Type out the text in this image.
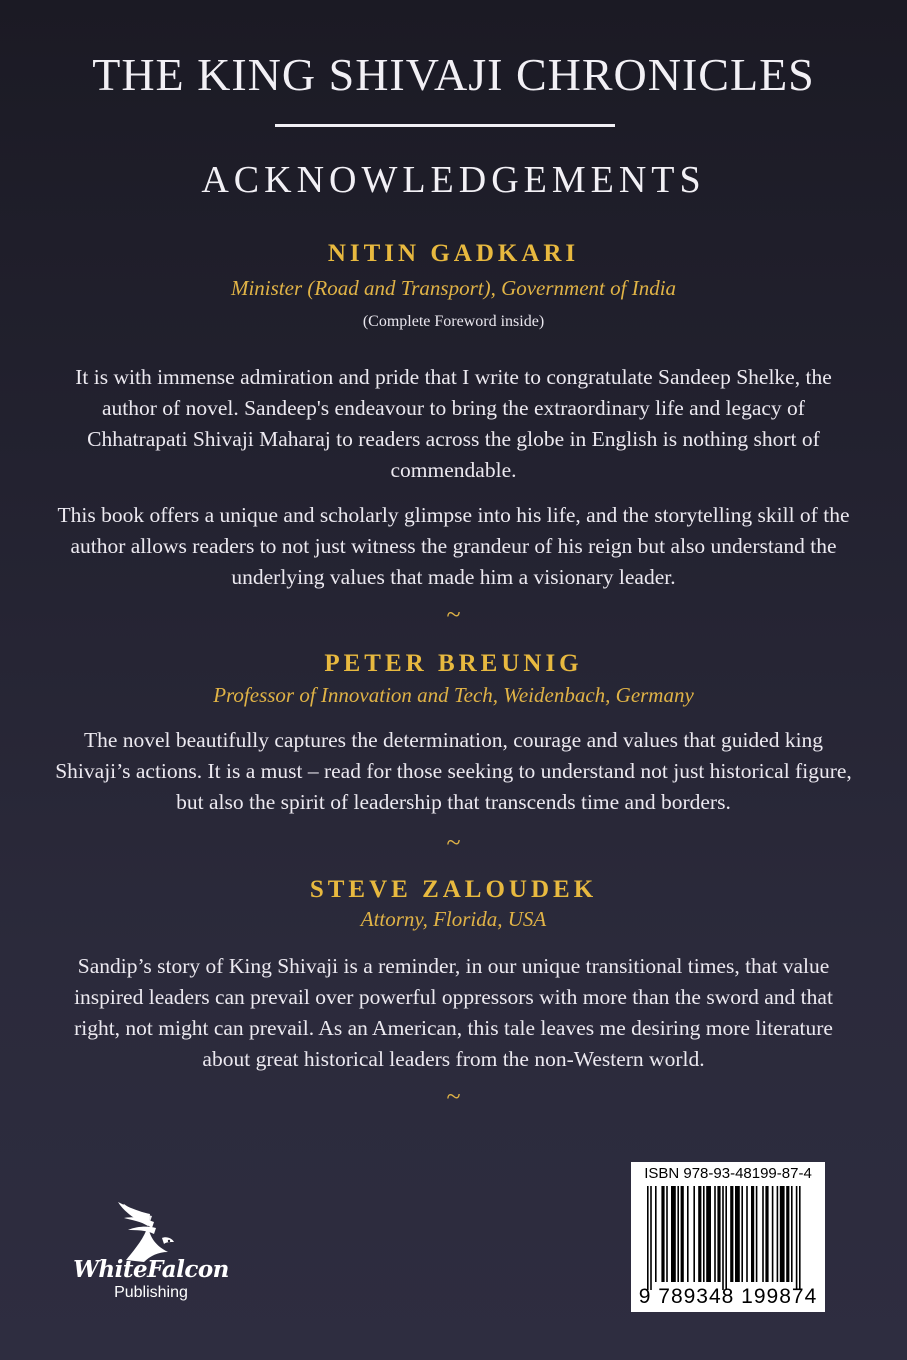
THE KING SHIVAJI CHRONICLES
ACKNOWLEDGEMENTS
NITIN GADKARI
Minister (Road and Transport), Government of India
(Complete Foreword inside)

It is with immense admiration and pride that I write to congratulate Sandeep Shelke, the author of novel. Sandeep's endeavour to bring the extraordinary life and legacy of Chhatrapati Shivaji Maharaj to readers across the globe in English is nothing short of commendable.

This book offers a unique and scholarly glimpse into his life, and the storytelling skill of the author allows readers to not just witness the grandeur of his reign but also understand the underlying values that made him a visionary leader.

~
PETER BREUNIG
Professor of Innovation and Tech, Weidenbach, Germany

The novel beautifully captures the determination, courage and values that guided king Shivaji’s actions. It is a must – read for those seeking to understand not just historical figure, but also the spirit of leadership that transcends time and borders.

~
STEVE ZALOUDEK
Attorny, Florida, USA

Sandip’s story of King Shivaji is a reminder, in our unique transitional times, that value inspired leaders can prevail over powerful oppressors with more than the sword and that right, not might can prevail. As an American, this tale leaves me desiring more literature about great historical leaders from the non-Western world.

~
WhiteFalcon
Publishing
ISBN 978-93-48199-87-4
9 789348 199874
